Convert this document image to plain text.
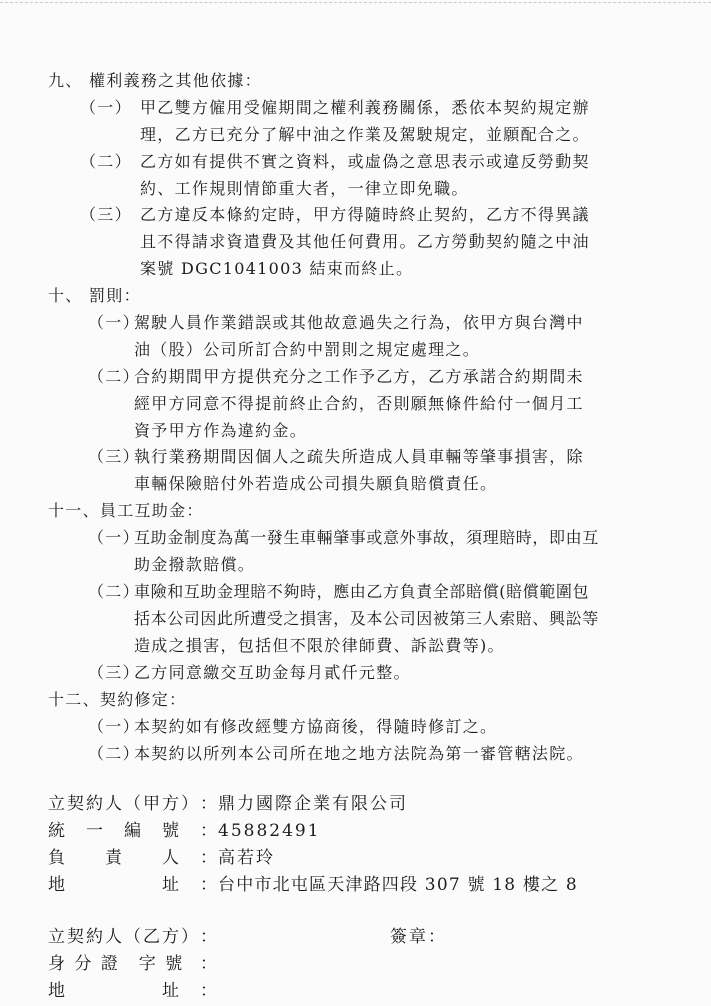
九、 權利義務之其他依據：
（一） 甲乙雙方僱用受僱期間之權利義務關係，悉依本契約規定辦
理，乙方已充分了解中油之作業及駕駛規定，並願配合之。
（二） 乙方如有提供不實之資料，或虛偽之意思表示或違反勞動契
約、工作規則情節重大者，一律立即免職。
（三） 乙方違反本條約定時，甲方得隨時終止契約，乙方不得異議
且不得請求資遣費及其他任何費用。乙方勞動契約隨之中油
案號 DGC1041003 結束而終止。
十、 罰則：
（一）
駕駛人員作業錯誤或其他故意過失之行為，依甲方與台灣中
油（股）公司所訂合約中罰則之規定處理之。
（二）
合約期間甲方提供充分之工作予乙方，乙方承諾合約期間未
經甲方同意不得提前終止合約，否則願無條件給付一個月工
資予甲方作為違約金。
（三）
執行業務期間因個人之疏失所造成人員車輛等肇事損害，除
車輛保險賠付外若造成公司損失願負賠償責任。
十一、員工互助金：
（一）
互助金制度為萬一發生車輛肇事或意外事故，須理賠時，即由互
助金撥款賠償。
（二）
車險和互助金理賠不夠時，應由乙方負責全部賠償(賠償範圍包
括本公司因此所遭受之損害，及本公司因被第三人索賠、興訟等
造成之損害，包括但不限於律師費、訴訟費等)。
（三）
乙方同意繳交互助金每月貳仟元整。
十二、契約修定：
（一）
本契約如有修改經雙方協商後，得隨時修訂之。
（二）
本契約以所列本公司所在地之地方法院為第一審管轄法院。
立契約人（甲方） ： 鼎力國際企業有限公司
統　一　編　號 ： 45882491
負　　責　　人 ： 高若玲
地　　　　　址 ： 台中市北屯區天津路四段 307 號 18 樓之 8
立契約人（乙方） ：	簽章：
身 分 證　字 號 ：
地　　　　　址 ：
